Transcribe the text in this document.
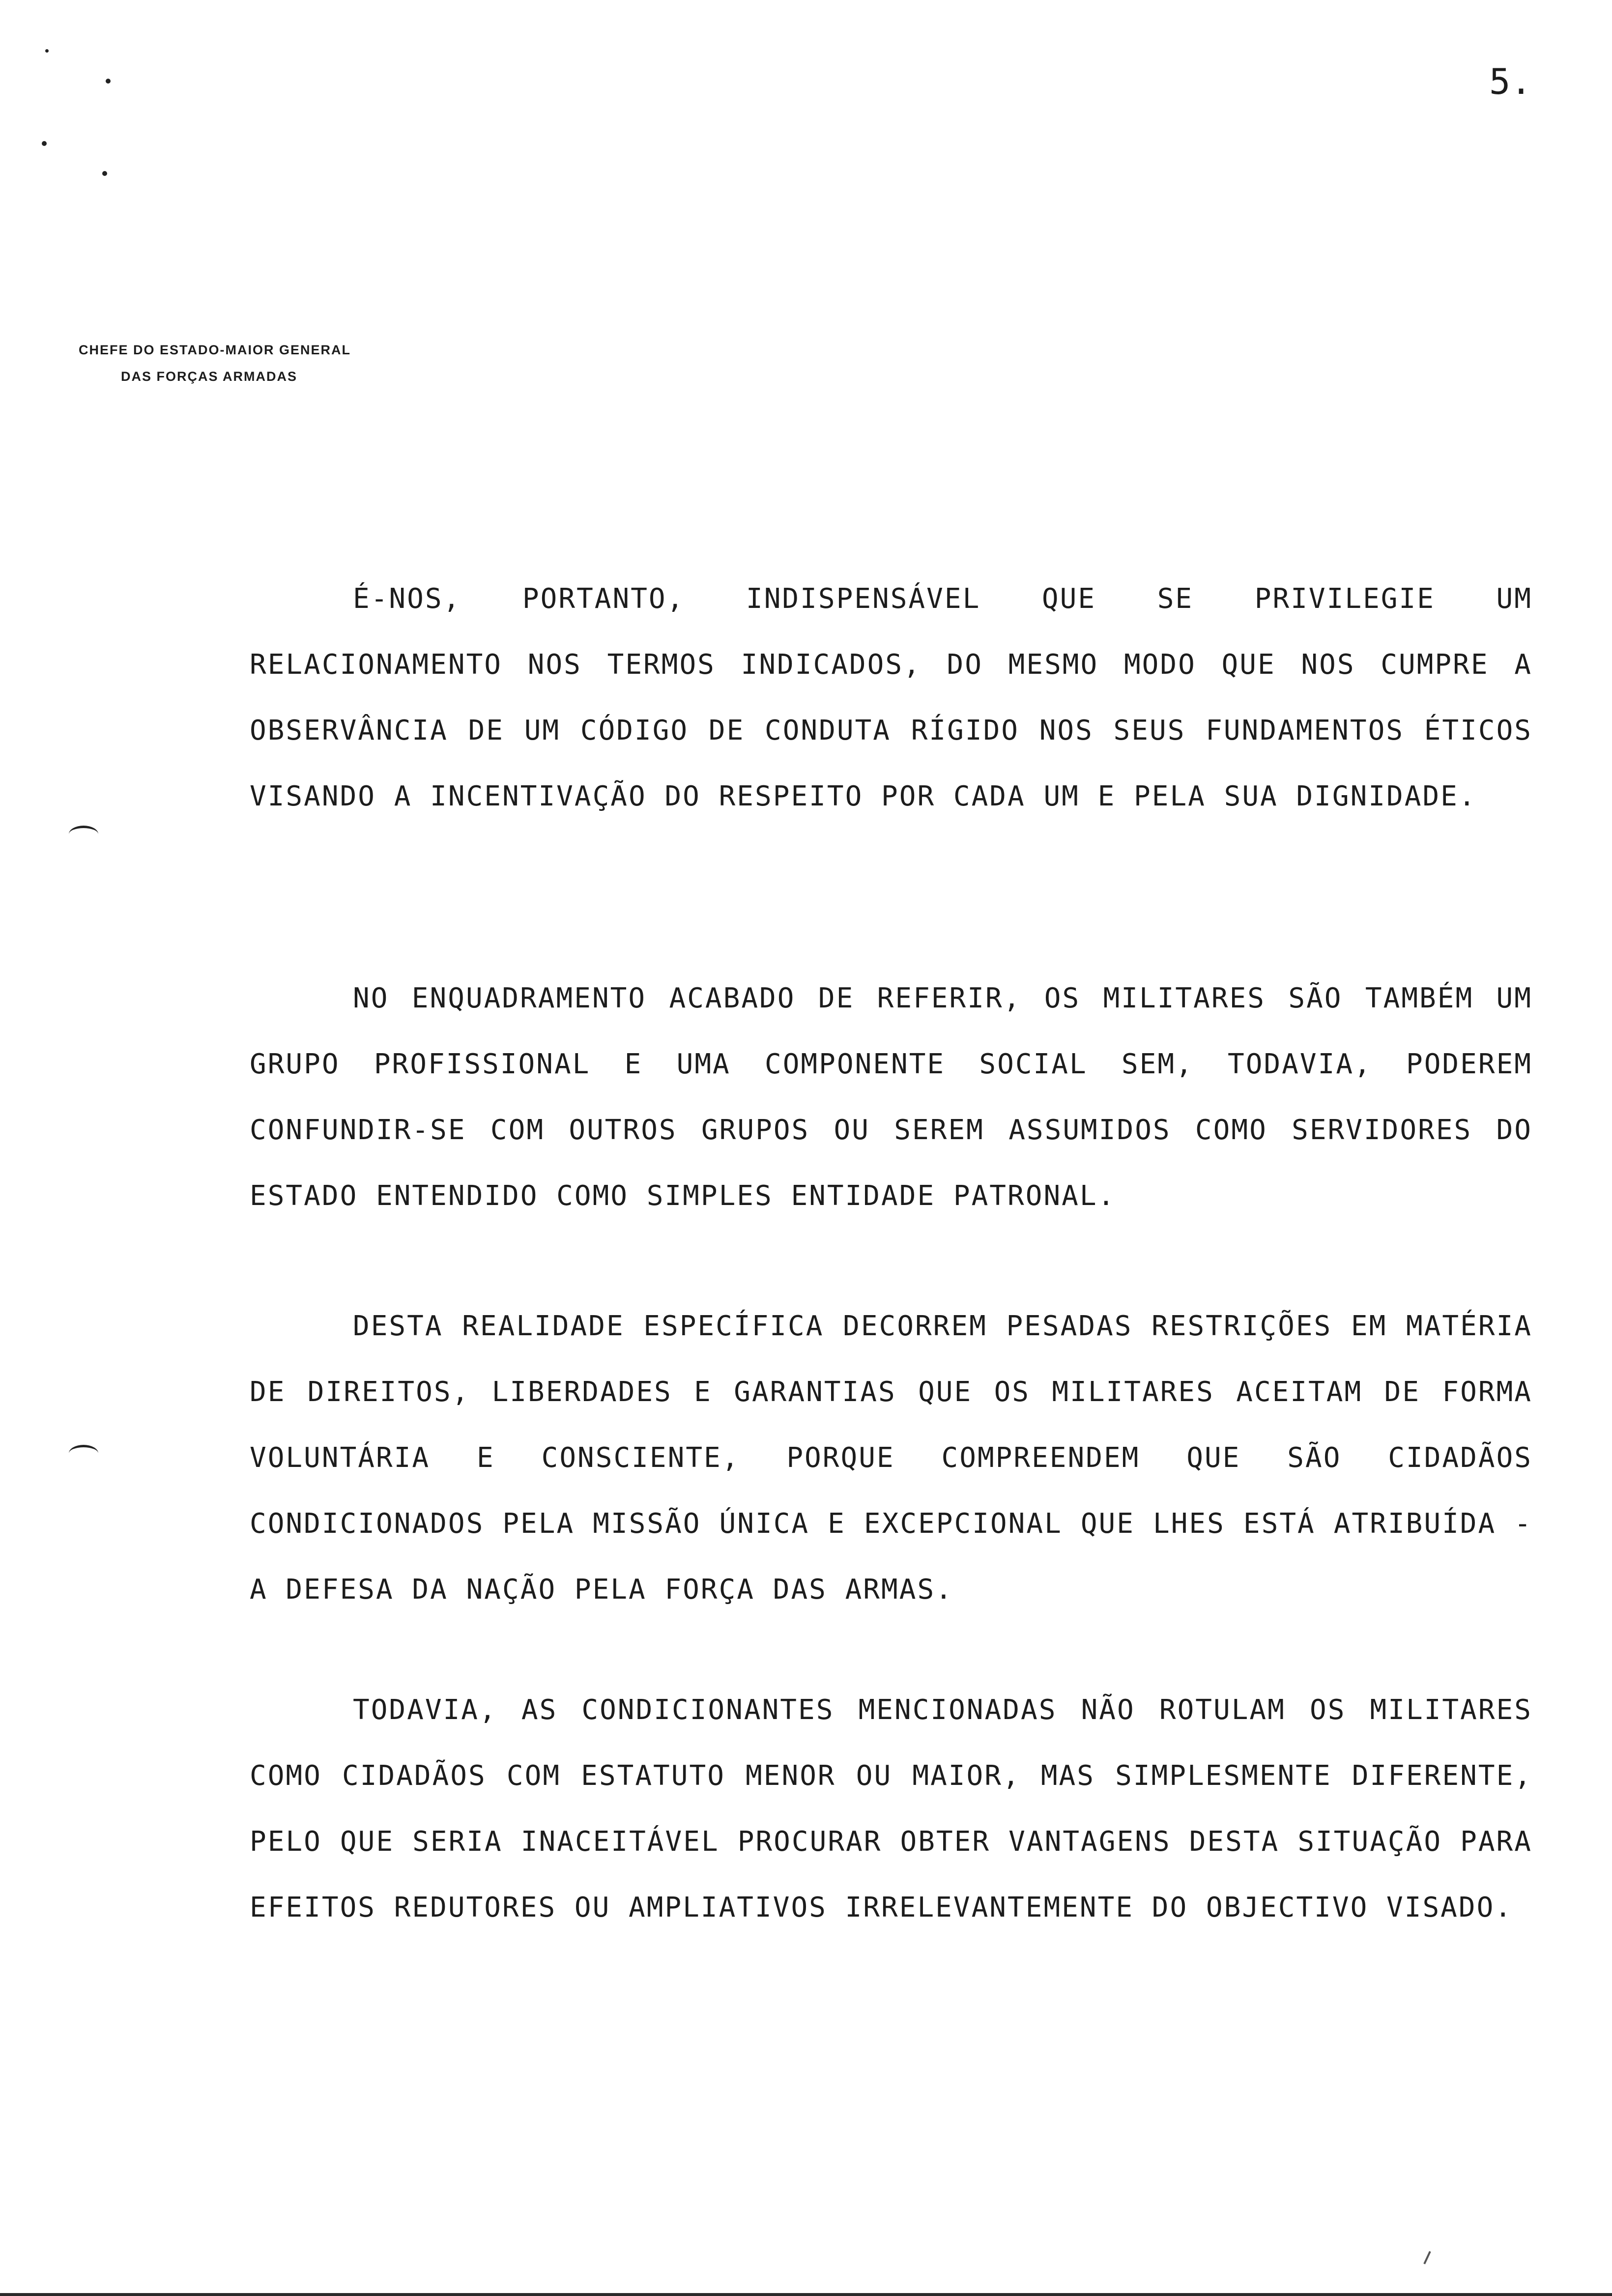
5.
CHEFE DO ESTADO-MAIOR GENERAL
DAS FORÇAS ARMADAS

É-NOS, PORTANTO, INDISPENSÁVEL QUE SE PRIVILEGIE UM RELACIONAMENTO NOS TERMOS INDICADOS, DO MESMO MODO QUE NOS CUMPRE A OBSERVÂNCIA DE UM CÓDIGO DE CONDUTA RÍGIDO NOS SEUS FUNDAMENTOS ÉTICOS VISANDO A INCENTIVAÇÃO DO RESPEITO POR CADA UM E PELA SUA DIGNIDADE.

NO ENQUADRAMENTO ACABADO DE REFERIR, OS MILITARES SÃO TAMBÉM UM GRUPO PROFISSIONAL E UMA COMPONENTE SOCIAL SEM, TODAVIA, PODEREM CONFUNDIR-SE COM OUTROS GRUPOS OU SEREM ASSUMIDOS COMO SERVIDORES DO ESTADO ENTENDIDO COMO SIMPLES ENTIDADE PATRONAL.

DESTA REALIDADE ESPECÍFICA DECORREM PESADAS RESTRIÇÕES EM MATÉRIA DE DIREITOS, LIBERDADES E GARANTIAS QUE OS MILITARES ACEITAM DE FORMA VOLUNTÁRIA E CONSCIENTE, PORQUE COMPREENDEM QUE SÃO CIDADÃOS CONDICIONADOS PELA MISSÃO ÚNICA E EXCEPCIONAL QUE LHES ESTÁ ATRIBUÍDA - A DEFESA DA NAÇÃO PELA FORÇA DAS ARMAS.

TODAVIA, AS CONDICIONANTES MENCIONADAS NÃO ROTULAM OS MILITARES COMO CIDADÃOS COM ESTATUTO MENOR OU MAIOR, MAS SIMPLESMENTE DIFERENTE, PELO QUE SERIA INACEITÁVEL PROCURAR OBTER VANTAGENS DESTA SITUAÇÃO PARA EFEITOS REDUTORES OU AMPLIATIVOS IRRELEVANTEMENTE DO OBJECTIVO VISADO.
